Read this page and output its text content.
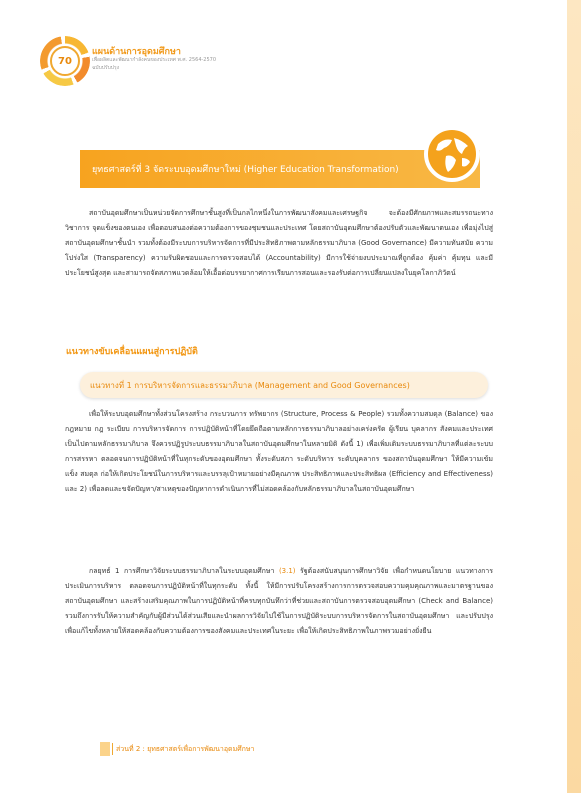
70
แผนด้านการอุดมศึกษา
เพื่อผลิตและพัฒนากำลังคนของประเทศ พ.ศ. 2564-2570
ฉบับปรับปรุง
ยุทธศาสตร์ที่ 3 จัดระบบอุดมศึกษาใหม่ (Higher Education Transformation)
สถาบันอุดมศึกษาเป็นหน่วยจัดการศึกษาชั้นสูงที่เป็นกลไกหนึ่งในการพัฒนาสังคมและเศรษฐกิจ จะต้องมีศักยภาพและสมรรถนะทางวิชาการ จุดแข็งของตนเอง เพื่อตอบสนองต่อความต้องการของชุมชนและประเทศ โดยสถาบันอุดมศึกษาต้องปรับตัวและพัฒนาตนเอง เพื่อมุ่งไปสู่สถาบันอุดมศึกษาชั้นนำ รวมทั้งต้องมีระบบการบริหารจัดการที่มีประสิทธิภาพตามหลักธรรมาภิบาล (Good Governance) มีความทันสมัย ความโปร่งใส (Transparency) ความรับผิดชอบและการตรวจสอบได้ (Accountability) มีการใช้จ่ายงบประมาณที่ถูกต้อง คุ้มค่า คุ้มทุน และมีประโยชน์สูงสุด และสามารถจัดสภาพแวดล้อมให้เอื้อต่อบรรยากาศการเรียนการสอนและรองรับต่อการเปลี่ยนแปลงในยุคโลกาภิวัตน์
แนวทางขับเคลื่อนแผนสู่การปฏิบัติ
แนวทางที่ 1 การบริหารจัดการและธรรมาภิบาล (Management and Good Governances)
เพื่อให้ระบบอุดมศึกษาทั้งส่วนโครงสร้าง กระบวนการ ทรัพยากร (Structure, Process & People) รวมทั้งความสมดุล (Balance) ของกฎหมาย กฎ ระเบียบ การบริหารจัดการ การปฏิบัติหน้าที่โดยยึดถือตามหลักการธรรมาภิบาลอย่างเคร่งครัด ผู้เรียน บุคลากร สังคมและประเทศ เป็นไปตามหลักธรรมาภิบาล จึงควรปฏิรูประบบธรรมาภิบาลในสถาบันอุดมศึกษาในหลายมิติ ดังนี้ 1) เพื่อเพิ่มเติมระบบธรรมาภิบาลที่แต่ละระบบการสรรหา ตลอดจนการปฏิบัติหน้าที่ในทุกระดับของอุดมศึกษา ทั้งระดับสภา ระดับบริหาร ระดับบุคลากร ของสถาบันอุดมศึกษา ให้มีความเข้มแข็ง สมดุล ก่อให้เกิดประโยชน์ในการบริหารและบรรลุเป้าหมายอย่างมีคุณภาพ ประสิทธิภาพและประสิทธิผล (Efficiency and Effectiveness) และ 2) เพื่อลดและขจัดปัญหา/สาเหตุของปัญหาการดำเนินการที่ไม่สอดคล้องกับหลักธรรมาภิบาลในสถาบันอุดมศึกษา
กลยุทธ์ 1 การศึกษาวิจัยระบบธรรมาภิบาลในระบบอุดมศึกษา (3.1) รัฐต้องสนับสนุนการศึกษาวิจัย เพื่อกำหนดนโยบาย แนวทางการประเมินการบริหาร ตลอดจนการปฏิบัติหน้าที่ในทุกระดับ ทั้งนี้ ให้มีการปรับโครงสร้างการการตรวจสอบความคุมคุณภาพและมาตรฐานของสถาบันอุดมศึกษา และสร้างเสริมคุณภาพในการปฏิบัติหน้าที่ครบทุกบันทึกว่าที่ช่วยและสถาบันการตรวจสอบอุดมศึกษา (Check and Balance) รวมถึงการรับให้ความสำคัญกับผู้มีส่วนได้ส่วนเสียและนำผลการวิจัยไปใช้ในการปฏิบัติระบบการบริหารจัดการในสถาบันอุดมศึกษา และปรับปรุงเพื่อแก้ไขทั้งหลายให้สอดคล้องกับความต้องการของสังคมและประเทศในระยะ เพื่อให้เกิดประสิทธิภาพในภาพรวมอย่างยั่งยืน
ส่วนที่ 2 : ยุทธศาสตร์เพื่อการพัฒนาอุดมศึกษา
